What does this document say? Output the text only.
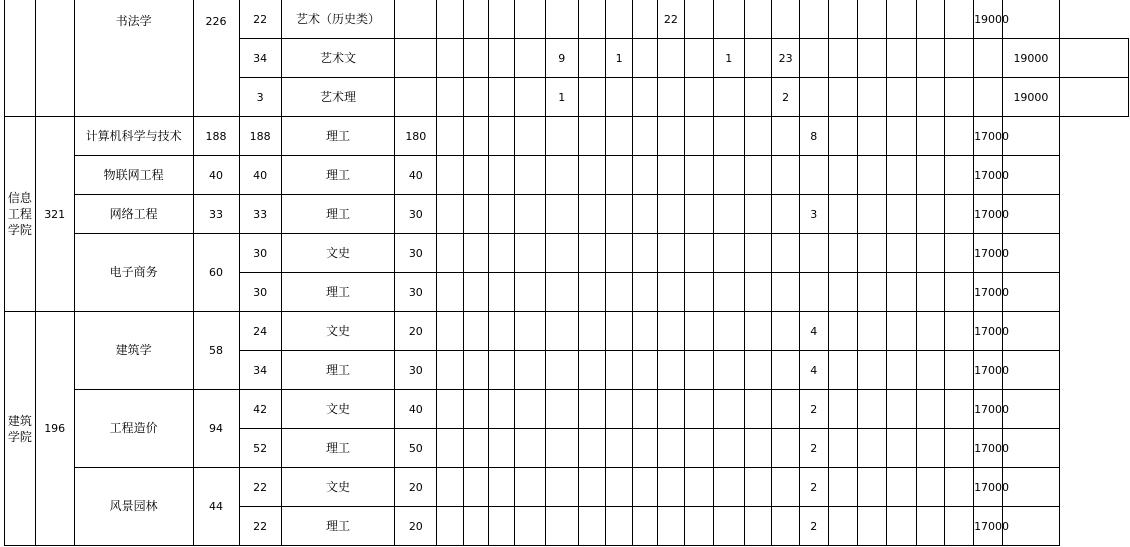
		书法学	226	22	艺术（历史类）										22											19000		
				34	艺术文						9		1				1		23								19000	
				3	艺术理						1								2								19000	
信息工程学院	321	计算机科学与技术	188	188	理工	180														8						17000		
		物联网工程	40	40	理工	40																				17000		
		网络工程	33	33	理工	30														3						17000		
		电子商务	60	30	文史	30																				17000		
				30	理工	30																				17000		
建筑学院	196	建筑学	58	24	文史	20														4						17000		
				34	理工	30														4						17000		
		工程造价	94	42	文史	40														2						17000		
				52	理工	50														2						17000		
		风景园林	44	22	文史	20														2						17000		
				22	理工	20														2						17000		
